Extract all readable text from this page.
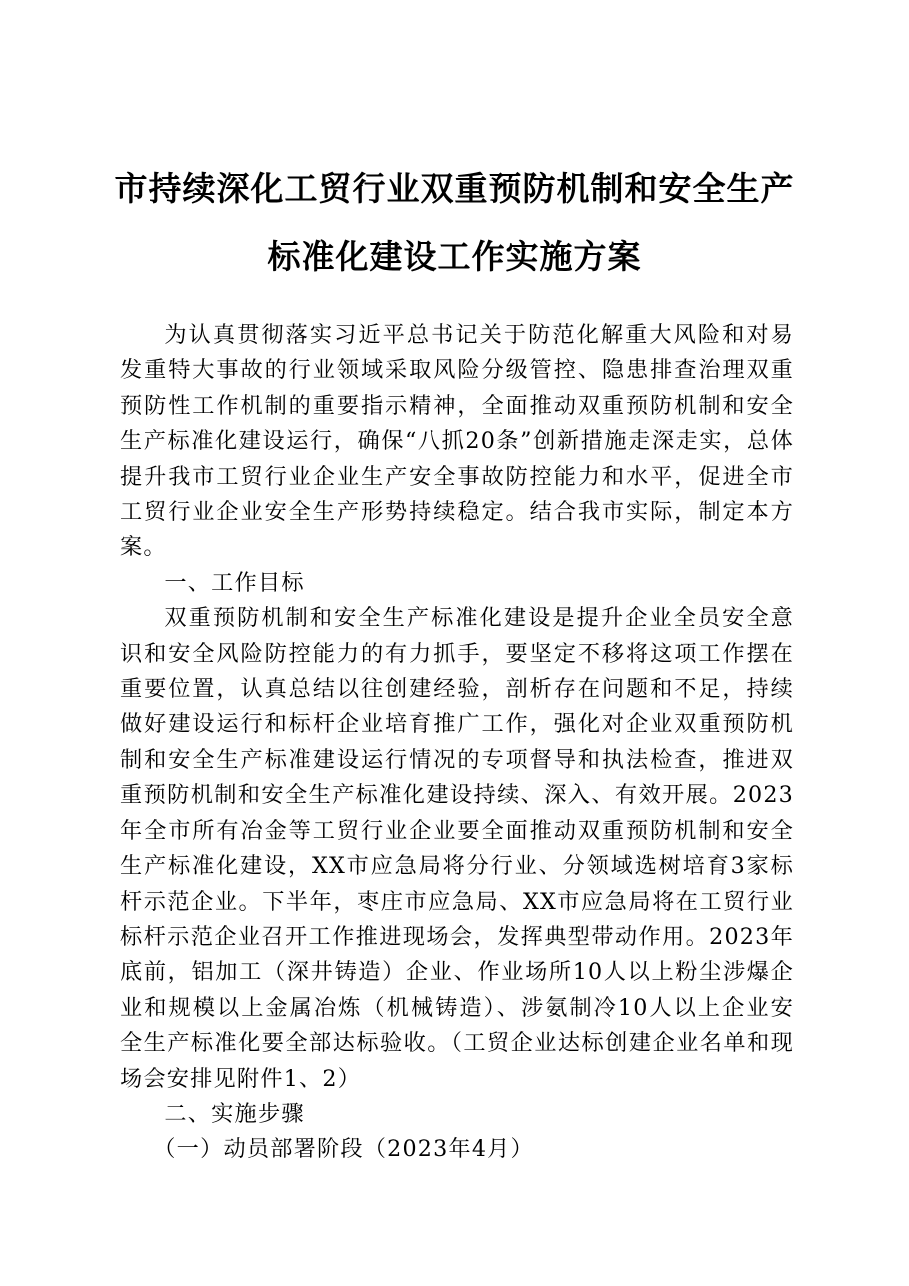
市持续深化工贸行业双重预防机制和安全生产
标准化建设工作实施方案

为认真贯彻落实习近平总书记关于防范化解重大风险和对易发重特大事故的行业领域采取风险分级管控、隐患排查治理双重预防性工作机制的重要指示精神，全面推动双重预防机制和安全生产标准化建设运行，确保“八抓20条”创新措施走深走实，总体提升我市工贸行业企业生产安全事故防控能力和水平，促进全市工贸行业企业安全生产形势持续稳定。结合我市实际，制定本方案。

一、工作目标

双重预防机制和安全生产标准化建设是提升企业全员安全意识和安全风险防控能力的有力抓手，要坚定不移将这项工作摆在重要位置，认真总结以往创建经验，剖析存在问题和不足，持续做好建设运行和标杆企业培育推广工作，强化对企业双重预防机制和安全生产标准建设运行情况的专项督导和执法检查，推进双重预防机制和安全生产标准化建设持续、深入、有效开展。2023年全市所有冶金等工贸行业企业要全面推动双重预防机制和安全生产标准化建设，XX市应急局将分行业、分领域选树培育3家标杆示范企业。下半年，枣庄市应急局、XX市应急局将在工贸行业标杆示范企业召开工作推进现场会，发挥典型带动作用。2023年底前，铝加工（深井铸造）企业、作业场所10人以上粉尘涉爆企业和规模以上金属冶炼（机械铸造）、涉氨制冷10人以上企业安全生产标准化要全部达标验收。（工贸企业达标创建企业名单和现场会安排见附件1、2）

二、实施步骤

（一）动员部署阶段（2023年4月）
